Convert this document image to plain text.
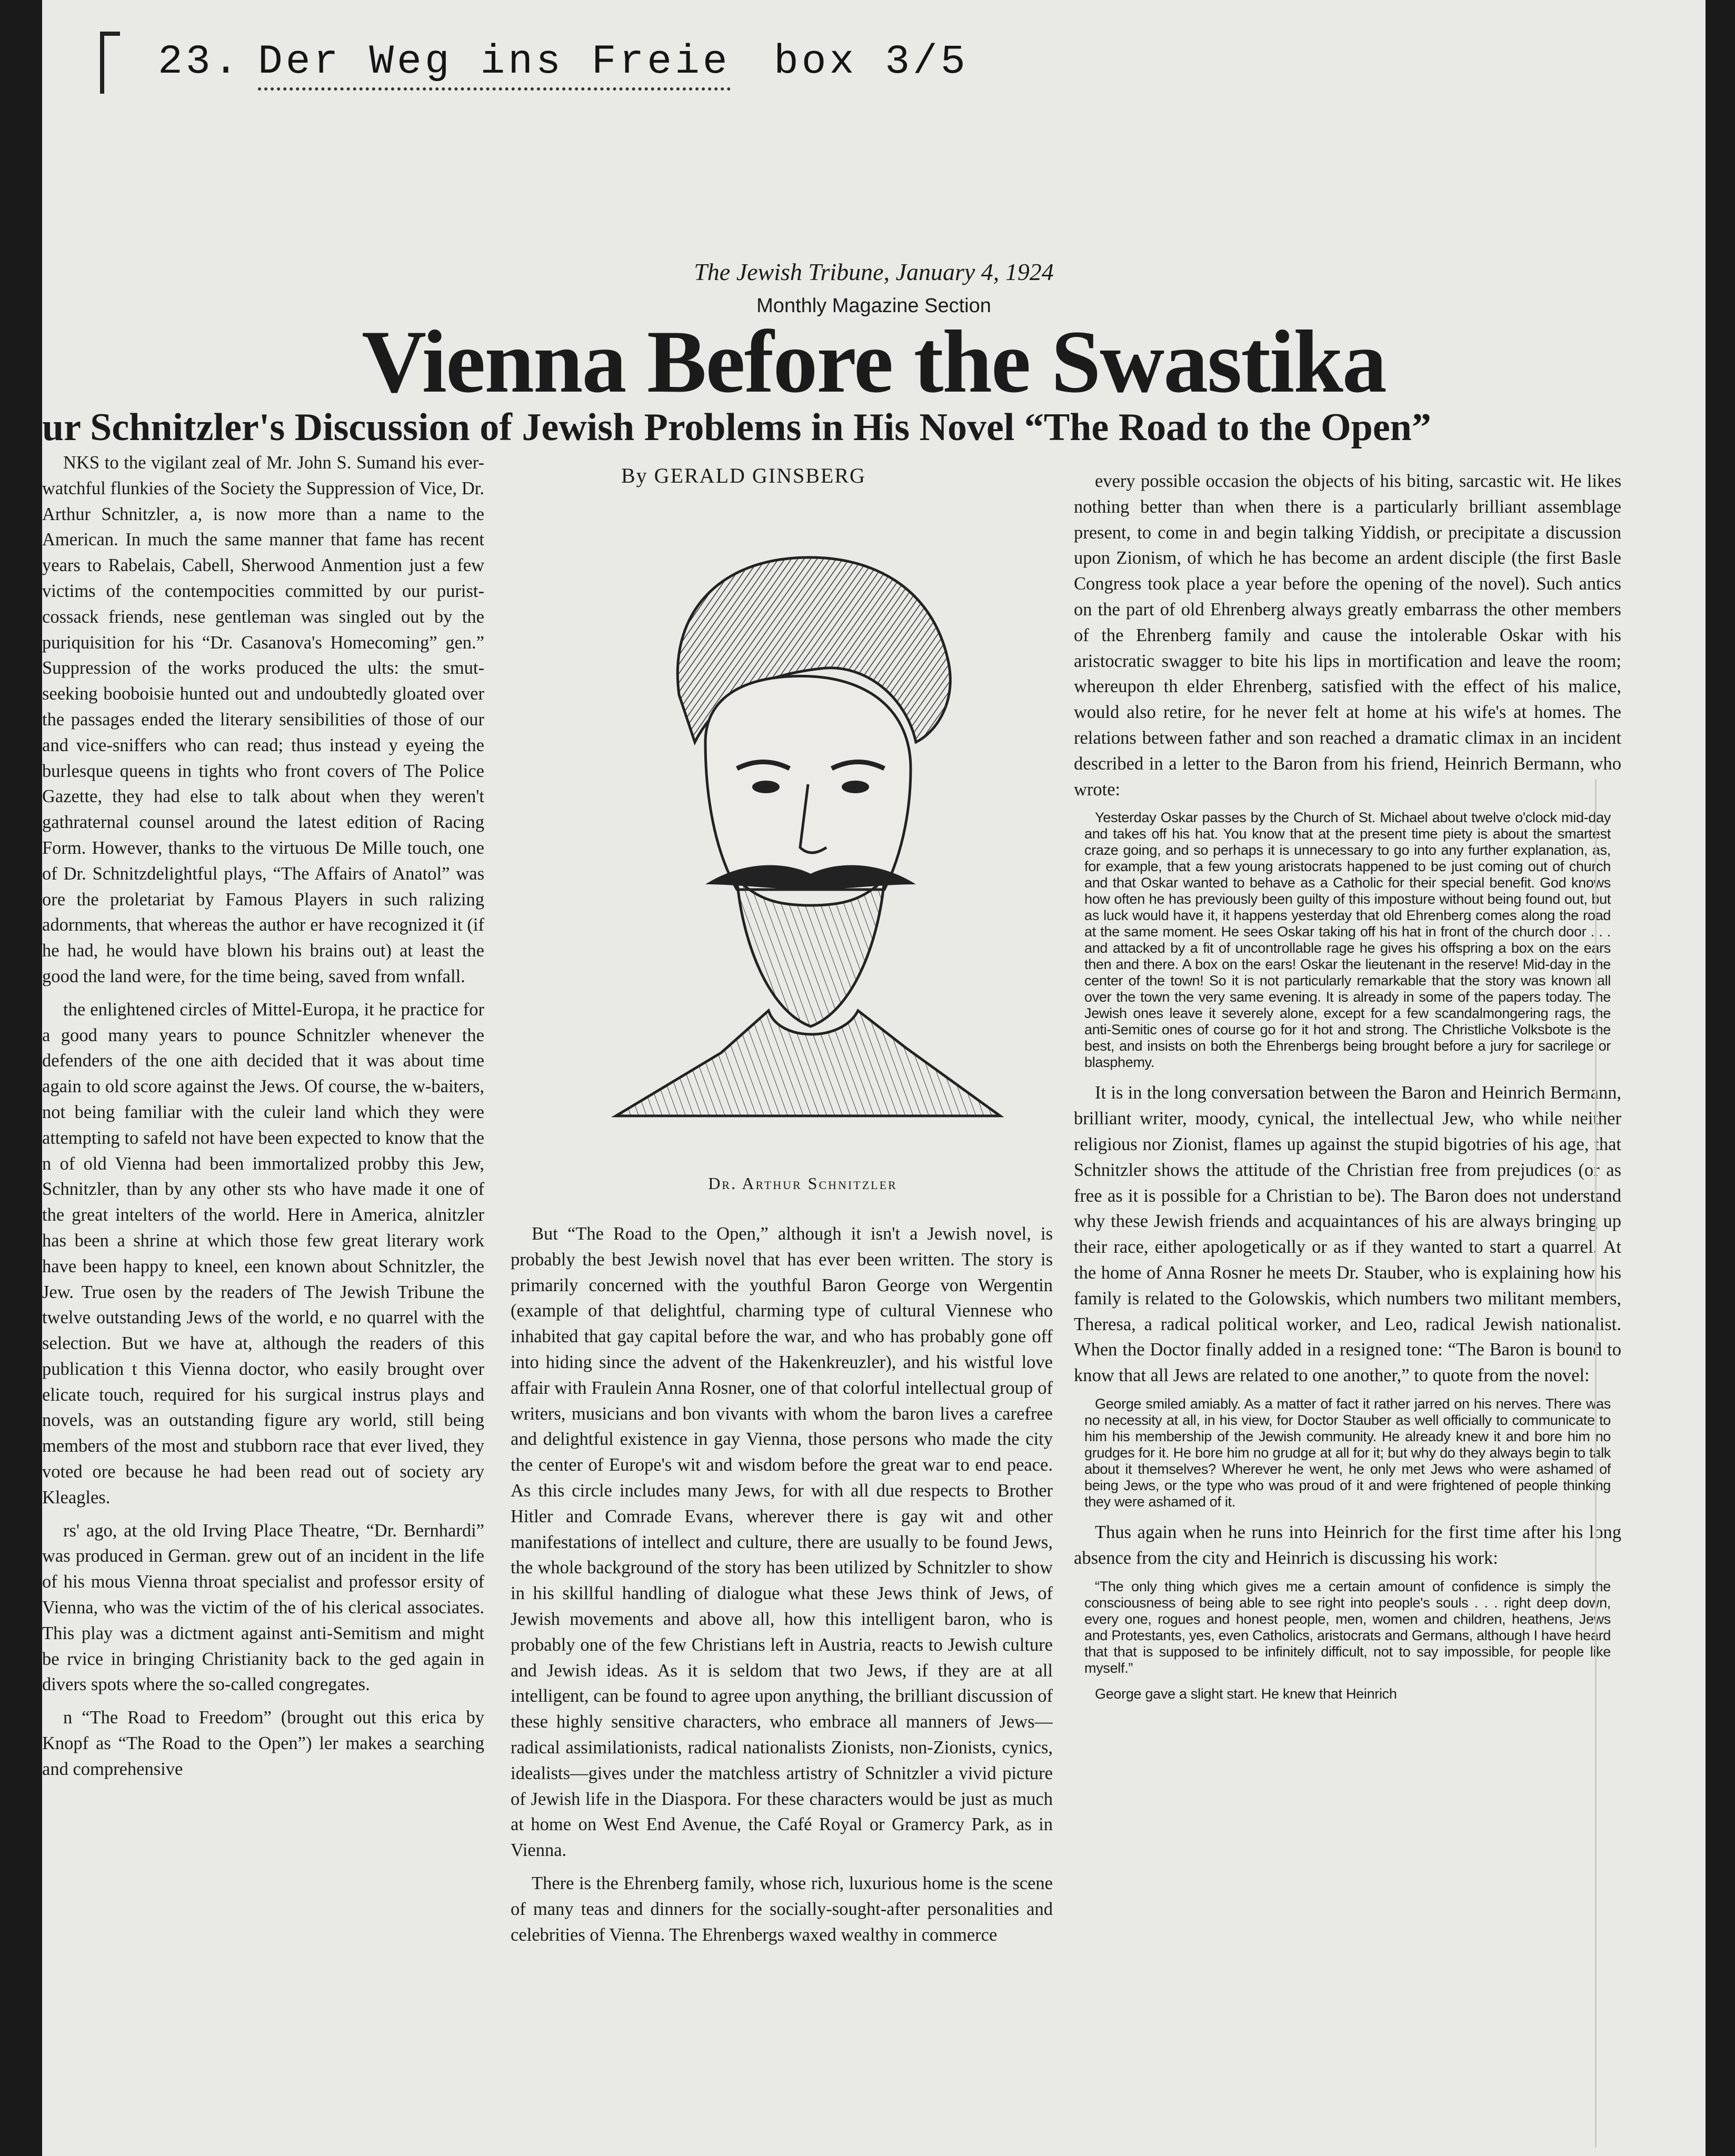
23. Der Weg ins Freie box 3/5
The Jewish Tribune, January 4, 1924
Monthly Magazine Section
Vienna Before the Swastika
ur Schnitzler's Discussion of Jewish Problems in His Novel “The Road to the Open”
By GERALD GINSBERG

NKS to the vigilant zeal of Mr. John S. Sumand his ever-watchful flunkies of the Society the Suppression of Vice, Dr. Arthur Schnitzler, a, is now more than a name to the American. In much the same manner that fame has recent years to Rabelais, Cabell, Sherwood Anmention just a few victims of the contempocities committed by our purist-cossack friends, nese gentleman was singled out by the puriquisition for his “Dr. Casanova's Homecoming” gen.” Suppression of the works produced the ults: the smut-seeking booboisie hunted out and undoubtedly gloated over the passages ended the literary sensibilities of those of our and vice-sniffers who can read; thus instead y eyeing the burlesque queens in tights who front covers of The Police Gazette, they had else to talk about when they weren't gathraternal counsel around the latest edition of Racing Form. However, thanks to the virtuous De Mille touch, one of Dr. Schnitzdelightful plays, “The Affairs of Anatol” was ore the proletariat by Famous Players in such ralizing adornments, that whereas the author er have recognized it (if he had, he would have blown his brains out) at least the good the land were, for the time being, saved from wnfall.

the enlightened circles of Mittel-Europa, it he practice for a good many years to pounce Schnitzler whenever the defenders of the one aith decided that it was about time again to old score against the Jews. Of course, the w-baiters, not being familiar with the culeir land which they were attempting to safeld not have been expected to know that the n of old Vienna had been immortalized probby this Jew, Schnitzler, than by any other sts who have made it one of the great intelters of the world. Here in America, alnitzler has been a shrine at which those few great literary work have been happy to kneel, een known about Schnitzler, the Jew. True osen by the readers of The Jewish Tribune the twelve outstanding Jews of the world, e no quarrel with the selection. But we have at, although the readers of this publication t this Vienna doctor, who easily brought over elicate touch, required for his surgical instrus plays and novels, was an outstanding figure ary world, still being members of the most and stubborn race that ever lived, they voted ore because he had been read out of society ary Kleagles.

rs' ago, at the old Irving Place Theatre, “Dr. Bernhardi” was produced in German. grew out of an incident in the life of his mous Vienna throat specialist and professor ersity of Vienna, who was the victim of the of his clerical associates. This play was a dictment against anti-Semitism and might be rvice in bringing Christianity back to the ged again in divers spots where the so-called congregates.

n “The Road to Freedom” (brought out this erica by Knopf as “The Road to the Open”) ler makes a searching and comprehensive

Dr. Arthur Schnitzler

But “The Road to the Open,” although it isn't a Jewish novel, is probably the best Jewish novel that has ever been written. The story is primarily concerned with the youthful Baron George von Wergentin (example of that delightful, charming type of cultural Viennese who inhabited that gay capital before the war, and who has probably gone off into hiding since the advent of the Hakenkreuzler), and his wistful love affair with Fraulein Anna Rosner, one of that colorful intellectual group of writers, musicians and bon vivants with whom the baron lives a carefree and delightful existence in gay Vienna, those persons who made the city the center of Europe's wit and wisdom before the great war to end peace. As this circle includes many Jews, for with all due respects to Brother Hitler and Comrade Evans, wherever there is gay wit and other manifestations of intellect and culture, there are usually to be found Jews, the whole background of the story has been utilized by Schnitzler to show in his skillful handling of dialogue what these Jews think of Jews, of Jewish movements and above all, how this intelligent baron, who is probably one of the few Christians left in Austria, reacts to Jewish culture and Jewish ideas. As it is seldom that two Jews, if they are at all intelligent, can be found to agree upon anything, the brilliant discussion of these highly sensitive characters, who embrace all manners of Jews—radical assimilationists, radical nationalists Zionists, non-Zionists, cynics, idealists—gives under the matchless artistry of Schnitzler a vivid picture of Jewish life in the Diaspora. For these characters would be just as much at home on West End Avenue, the Café Royal or Gramercy Park, as in Vienna.

There is the Ehrenberg family, whose rich, luxurious home is the scene of many teas and dinners for the socially-sought-after personalities and celebrities of Vienna. The Ehrenbergs waxed wealthy in commerce

every possible occasion the objects of his biting, sarcastic wit. He likes nothing better than when there is a particularly brilliant assemblage present, to come in and begin talking Yiddish, or precipitate a discussion upon Zionism, of which he has become an ardent disciple (the first Basle Congress took place a year before the opening of the novel). Such antics on the part of old Ehrenberg always greatly embarrass the other members of the Ehrenberg family and cause the intolerable Oskar with his aristocratic swagger to bite his lips in mortification and leave the room; whereupon th elder Ehrenberg, satisfied with the effect of his malice, would also retire, for he never felt at home at his wife's at homes. The relations between father and son reached a dramatic climax in an incident described in a letter to the Baron from his friend, Heinrich Bermann, who wrote:

Yesterday Oskar passes by the Church of St. Michael about twelve o'clock mid-day and takes off his hat. You know that at the present time piety is about the smartest craze going, and so perhaps it is unnecessary to go into any further explanation, as, for example, that a few young aristocrats happened to be just coming out of church and that Oskar wanted to behave as a Catholic for their special benefit. God knows how often he has previously been guilty of this imposture without being found out, but as luck would have it, it happens yesterday that old Ehrenberg comes along the road at the same moment. He sees Oskar taking off his hat in front of the church door . . . and attacked by a fit of uncontrollable rage he gives his offspring a box on the ears then and there. A box on the ears! Oskar the lieutenant in the reserve! Mid-day in the center of the town! So it is not particularly remarkable that the story was known all over the town the very same evening. It is already in some of the papers today. The Jewish ones leave it severely alone, except for a few scandalmongering rags, the anti-Semitic ones of course go for it hot and strong. The Christliche Volksbote is the best, and insists on both the Ehrenbergs being brought before a jury for sacrilege or blasphemy.

It is in the long conversation between the Baron and Heinrich Bermann, brilliant writer, moody, cynical, the intellectual Jew, who while neither religious nor Zionist, flames up against the stupid bigotries of his age, that Schnitzler shows the attitude of the Christian free from prejudices (or as free as it is possible for a Christian to be). The Baron does not understand why these Jewish friends and acquaintances of his are always bringing up their race, either apologetically or as if they wanted to start a quarrel. At the home of Anna Rosner he meets Dr. Stauber, who is explaining how his family is related to the Golowskis, which numbers two militant members, Theresa, a radical political worker, and Leo, radical Jewish nationalist. When the Doctor finally added in a resigned tone: “The Baron is bound to know that all Jews are related to one another,” to quote from the novel:

George smiled amiably. As a matter of fact it rather jarred on his nerves. There was no necessity at all, in his view, for Doctor Stauber as well officially to communicate to him his membership of the Jewish community. He already knew it and bore him no grudges for it. He bore him no grudge at all for it; but why do they always begin to talk about it themselves? Wherever he went, he only met Jews who were ashamed of being Jews, or the type who was proud of it and were frightened of people thinking they were ashamed of it.

Thus again when he runs into Heinrich for the first time after his long absence from the city and Heinrich is discussing his work:

“The only thing which gives me a certain amount of confidence is simply the consciousness of being able to see right into people's souls . . . right deep down, every one, rogues and honest people, men, women and children, heathens, Jews and Protestants, yes, even Catholics, aristocrats and Germans, although I have heard that that is supposed to be infinitely difficult, not to say impossible, for people like myself.”

George gave a slight start. He knew that Heinrich
